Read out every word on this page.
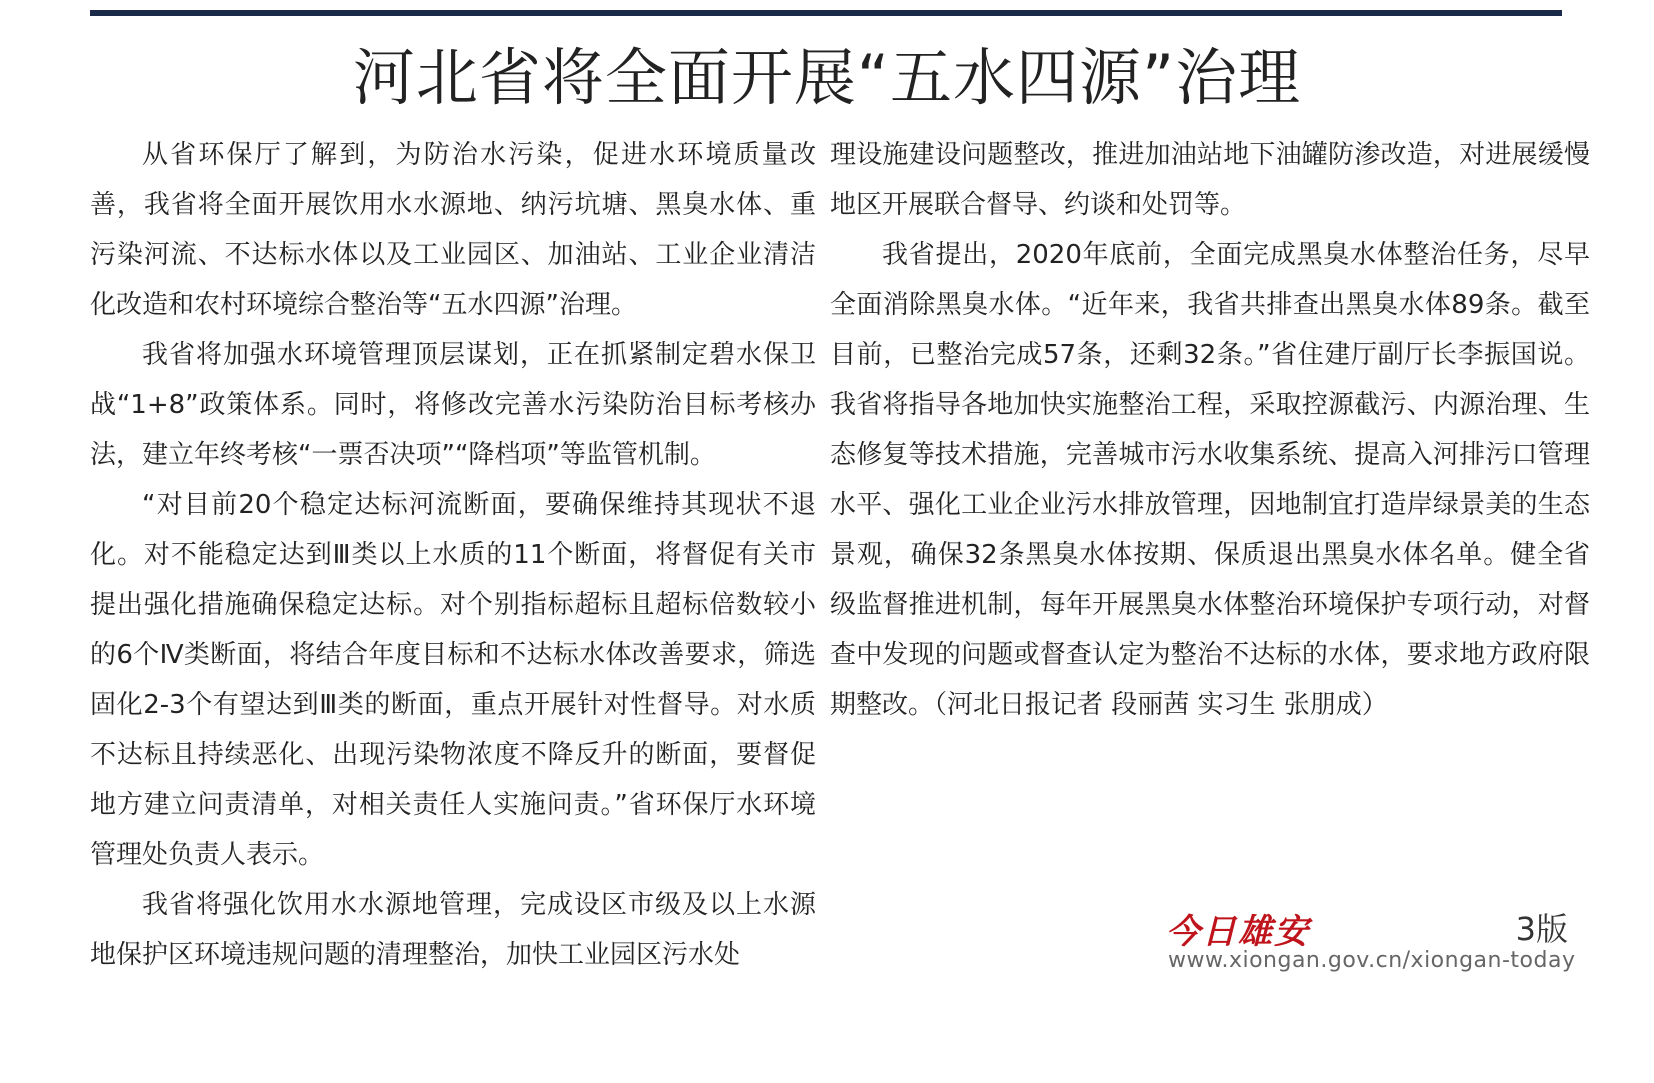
河北省将全面开展“五水四源”治理

从省环保厅了解到，为防治水污染，促进水环境质量改善，我省将全面开展饮用水水源地、纳污坑塘、黑臭水体、重污染河流、不达标水体以及工业园区、加油站、工业企业清洁化改造和农村环境综合整治等“五水四源”治理。

我省将加强水环境管理顶层谋划，正在抓紧制定碧水保卫战“1+8”政策体系。同时，将修改完善水污染防治目标考核办法，建立年终考核“一票否决项”“降档项”等监管机制。

“对目前20个稳定达标河流断面，要确保维持其现状不退化。对不能稳定达到Ⅲ类以上水质的11个断面，将督促有关市提出强化措施确保稳定达标。对个别指标超标且超标倍数较小的6个Ⅳ类断面，将结合年度目标和不达标水体改善要求，筛选固化2-3个有望达到Ⅲ类的断面，重点开展针对性督导。对水质不达标且持续恶化、出现污染物浓度不降反升的断面，要督促地方建立问责清单，对相关责任人实施问责。”省环保厅水环境管理处负责人表示。

我省将强化饮用水水源地管理，完成设区市级及以上水源地保护区环境违规问题的清理整治，加快工业园区污水处

理设施建设问题整改，推进加油站地下油罐防渗改造，对进展缓慢地区开展联合督导、约谈和处罚等。

我省提出，2020年底前，全面完成黑臭水体整治任务，尽早全面消除黑臭水体。“近年来，我省共排查出黑臭水体89条。截至目前，已整治完成57条，还剩32条。”省住建厅副厅长李振国说。我省将指导各地加快实施整治工程，采取控源截污、内源治理、生态修复等技术措施，完善城市污水收集系统、提高入河排污口管理水平、强化工业企业污水排放管理，因地制宜打造岸绿景美的生态景观，确保32条黑臭水体按期、保质退出黑臭水体名单。健全省级监督推进机制，每年开展黑臭水体整治环境保护专项行动，对督查中发现的问题或督查认定为整治不达标的水体，要求地方政府限期整改。（河北日报记者 段丽茜 实习生 张朋成）

今日雄安	3版
www.xiongan.gov.cn/xiongan-today
